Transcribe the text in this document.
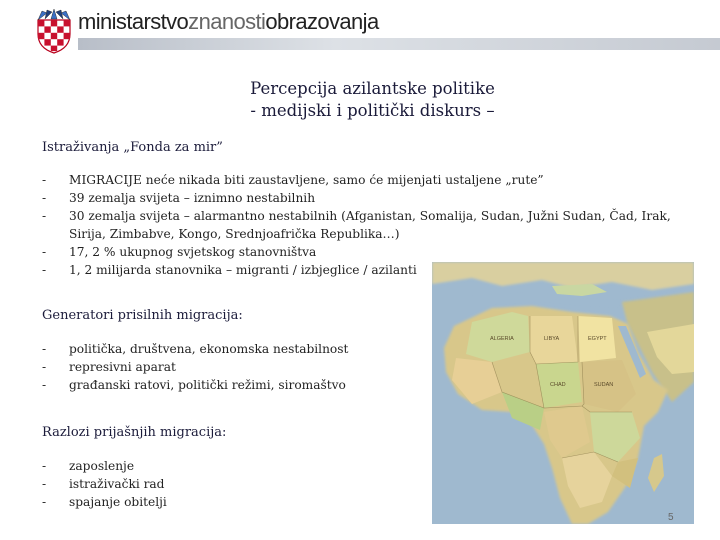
ministarstvoznanostiobrazovanja
Percepcija azilantske politike
- medijski i politički diskurs –
Istraživanja „Fonda za mir”
- MIGRACIJE neće nikada biti zaustavljene, samo će mijenjati ustaljene „rute”
- 39 zemalja svijeta – iznimno nestabilnih
- 30 zemalja svijeta – alarmantno nestabilnih (Afganistan, Somalija, Sudan, Južni Sudan, Čad, Irak,
Sirija, Zimbabve, Kongo, Srednjoafrička Republika…)
- 17, 2 % ukupnog svjetskog stanovništva
- 1, 2 milijarda stanovnika – migranti / izbjeglice / azilanti
Generatori prisilnih migracija:
- politička, društvena, ekonomska nestabilnost
- represivni aparat
- građanski ratovi, politički režimi, siromaštvo
Razlozi prijašnjih migracija:
- zaposlenje
- istraživački rad
- spajanje obitelji
ALGERIA	LIBYA	EGYPT
CHAD	SUDAN
5
